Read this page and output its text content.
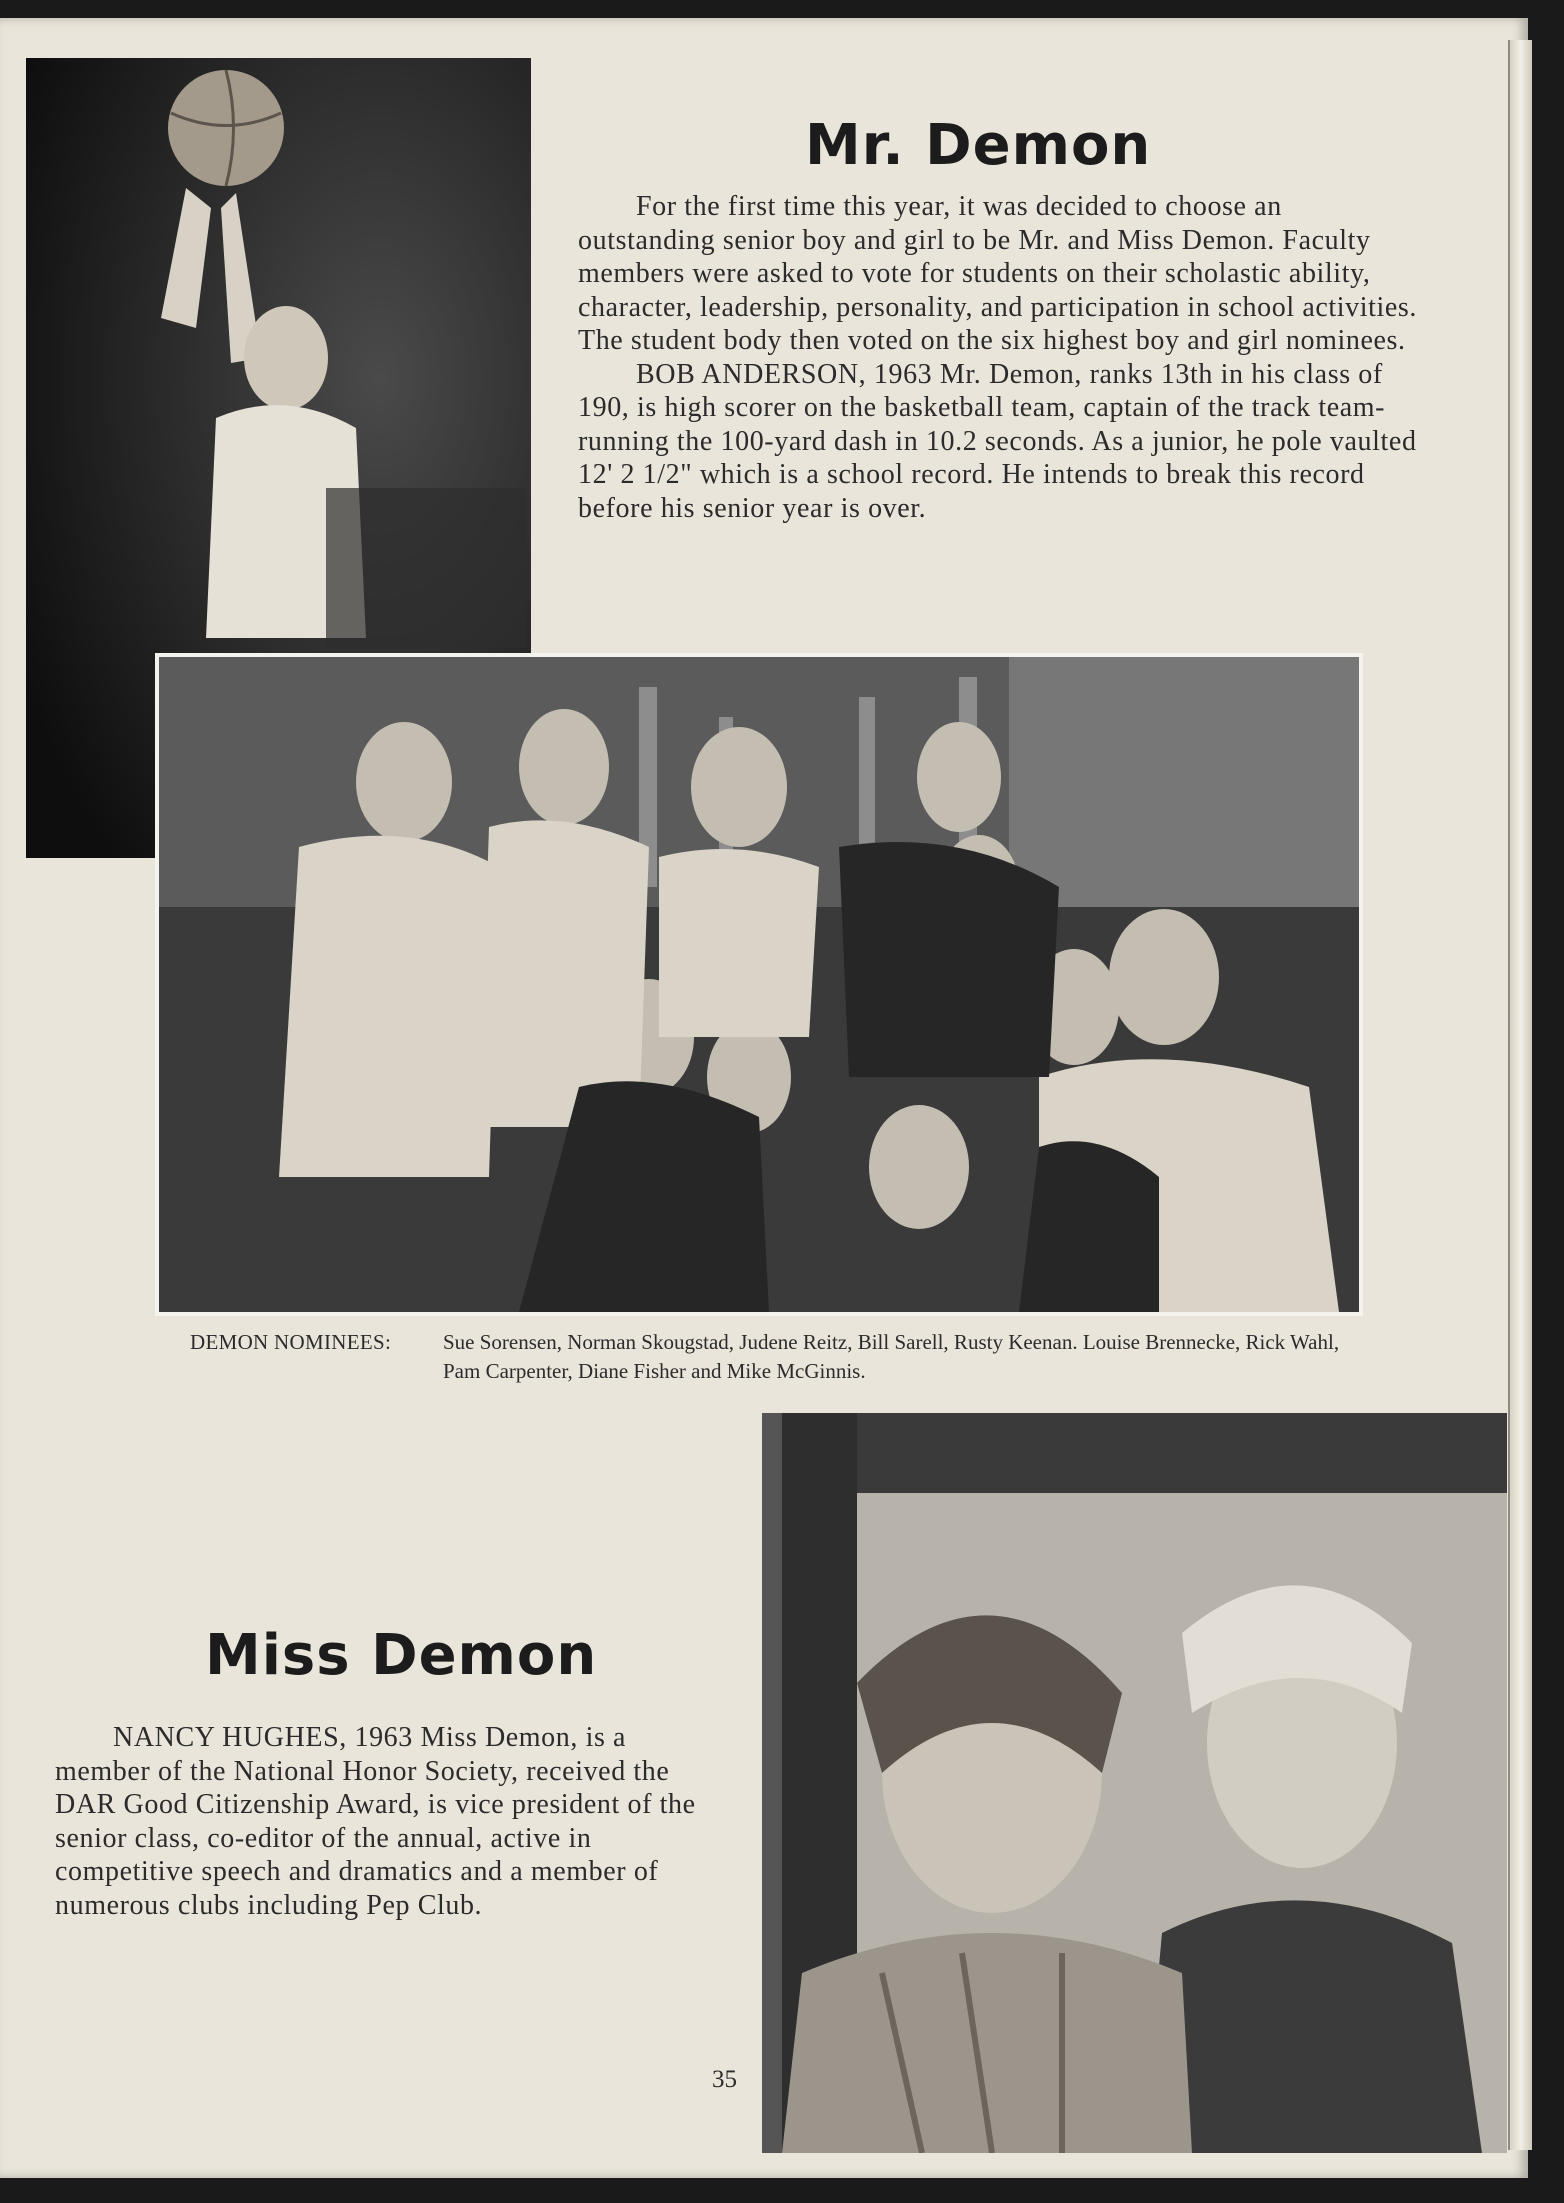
Mr. Demon

For the first time this year, it was decided to choose an outstanding senior boy and girl to be Mr. and Miss Demon. Faculty members were asked to vote for students on their scholastic ability, character, leadership, personality, and participation in school activities. The student body then voted on the six highest boy and girl nominees.

BOB ANDERSON, 1963 Mr. Demon, ranks 13th in his class of 190, is high scorer on the basketball team, captain of the track team-running the 100-yard dash in 10.2 seconds. As a junior, he pole vaulted 12' 2 1/2" which is a school record. He intends to break this record before his senior year is over.

DEMON NOMINEES:	Sue Sorensen, Norman Skougstad, Judene Reitz, Bill Sarell, Rusty Keenan. Louise Brennecke, Rick Wahl, Pam Carpenter, Diane Fisher and Mike McGinnis.
Miss Demon

NANCY HUGHES, 1963 Miss Demon, is a member of the National Honor Society, received the DAR Good Citizenship Award, is vice president of the senior class, co-editor of the annual, active in competitive speech and dramatics and a member of numerous clubs including Pep Club.

35
